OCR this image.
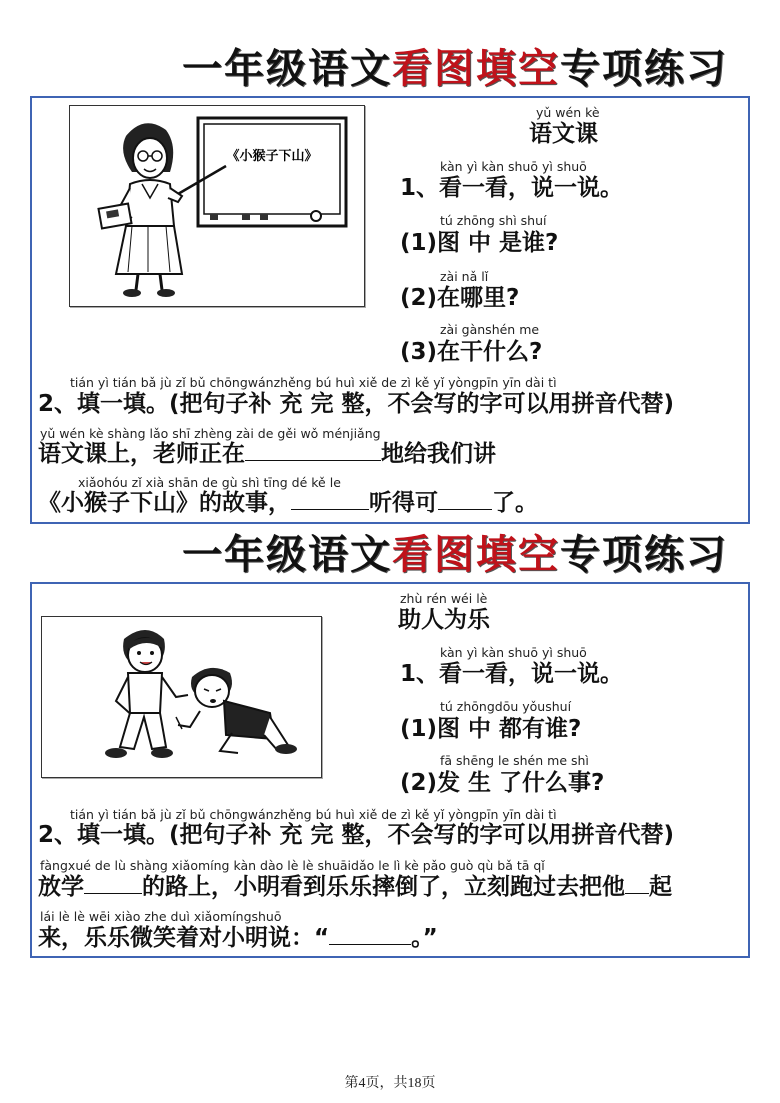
一年级语文看图填空专项练习
《小猴子下山》
yǔ wén kè
语文课
kàn yì kàn shuō yì shuō
1、看一看，说一说。
tú zhōng shì shuí
(1)图 中 是谁?
zài nǎ lǐ
(2)在哪里?
zài gànshén me
(3)在干什么?
tián yì tián bǎ jù zǐ bǔ chōngwánzhěng bú huì xiě de zì kě yǐ yòngpīn yīn dài tì
2、填一填。(把句子补 充 完 整，不会写的字可以用拼音代替)
yǔ wén kè shàng lǎo shī zhèng zài de gěi wǒ ménjiǎng
语文课上，老师正在	地给我们讲
xiǎohóu zǐ xià shān de gù shì tīng dé kě le
《小猴子下山》的故事，	听得可 了。
一年级语文看图填空专项练习
zhù rén wéi lè
助人为乐
kàn yì kàn shuō yì shuō
1、看一看，说一说。
tú zhōngdōu yǒushuí
(1)图 中 都有谁?
fā shēng le shén me shì
(2)发 生 了什么事?
tián yì tián bǎ jù zǐ bǔ chōngwánzhěng bú huì xiě de zì kě yǐ yòngpīn yīn dài tì
2、填一填。(把句子补 充 完 整，不会写的字可以用拼音代替)
fàngxué de lù shàng xiǎomíng kàn dào lè lè shuāidǎo le lì kè pǎo guò qù bǎ tā qǐ
放学	的路上，小明看到乐乐摔倒了，立刻跑过去把他 起
lái lè lè wēi xiào zhe duì xiǎomíngshuō
来，乐乐微笑着对小明说：“	。”
第4页，共18页
